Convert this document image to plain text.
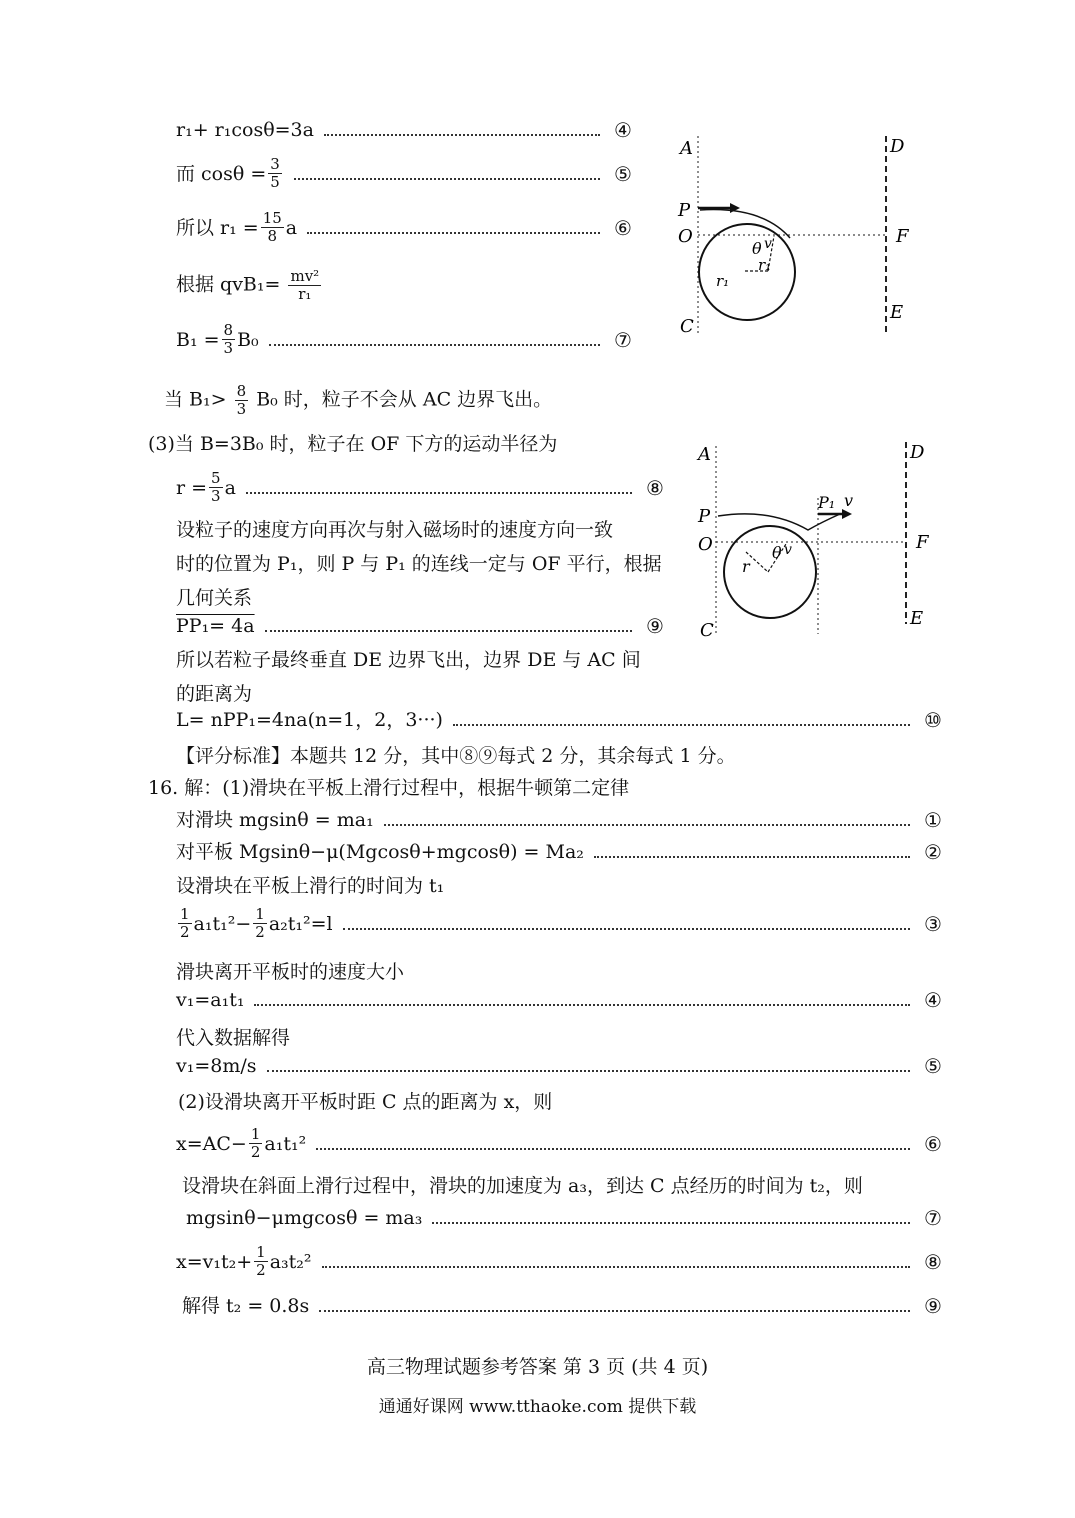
r₁+ r₁cosθ=3a	④
而 $\cos\theta = \frac{3}{5}$	⑤
所以 $r_1 = \frac{15}{8}$ a	⑥
根据 $qvB_1= \frac{\text{mv²}}{\text{r₁}}$
$B_1 = \frac{8}{3} B_0$	⑦
当 $B_1> \frac{8}{3} B_0$ 时，粒子不会从 AC 边界飞出。
(3)当 B=3B₀ 时，粒子在 OF 下方的运动半径为
$r = \frac{5}{3}$ a	⑧
设粒子的速度方向再次与射入磁场时的速度方向一致
时的位置为 P₁，则 P 与 P₁ 的连线一定与 OF 平行，根据
几何关系
PP₁= 4a	⑨
所以若粒子最终垂直 DE 边界飞出，边界 DE 与 AC 间
的距离为
L= nPP₁=4na(n=1，2，3···)	⑩
【评分标准】本题共 12 分，其中⑧⑨每式 2 分，其余每式 1 分。
16. 解：(1)滑块在平板上滑行过程中，根据牛顿第二定律
对滑块 mgsinθ = ma₁	①
对平板 Mgsinθ−μ(Mgcosθ+mgcosθ) = Ma₂	②
设滑块在平板上滑行的时间为 t₁
$\frac{1}{2} a_1t_1^2- \frac{1}{2} a_2t_1^2=l$	③
滑块离开平板时的速度大小
v₁=a₁t₁	④
代入数据解得
v₁=8m/s	⑤
(2)设滑块离开平板时距 C 点的距离为 x，则
$x=AC- \frac{1}{2} a_1t_1^2$	⑥
设滑块在斜面上滑行过程中，滑块的加速度为 a₃，到达 C 点经历的时间为 t₂，则
mgsinθ−μmgcosθ = ma₃	⑦
$x=v_1t_2+ \frac{1}{2} a_3t_2^2$	⑧
解得 t₂ = 0.8s	⑨
A	D
P
O	F
C
E
θ v
r₁
r₁
A	D
P
P₁ v
O	F
C
E
θ v
r
高三物理试题参考答案 第 3 页 (共 4 页)
通通好课网 www.tthaoke.com 提供下载
